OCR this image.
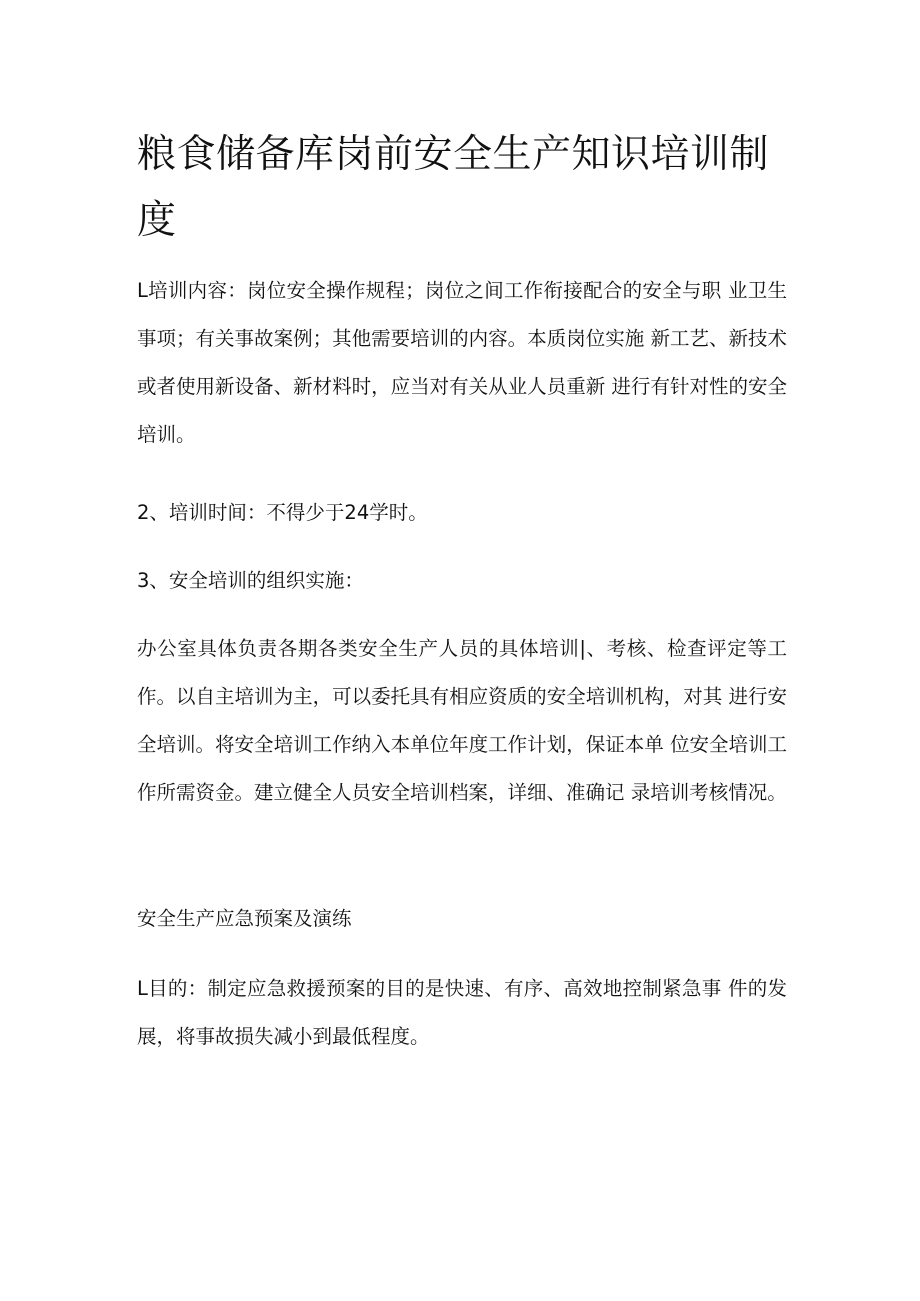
粮食储备库岗前安全生产知识培训制度

L培训内容：岗位安全操作规程；岗位之间工作衔接配合的安全与职 业卫生事项；有关事故案例；其他需要培训的内容。本质岗位实施 新工艺、新技术或者使用新设备、新材料时，应当对有关从业人员重新 进行有针对性的安全培训。

2、培训时间：不得少于24学时。

3、安全培训的组织实施：

办公室具体负责各期各类安全生产人员的具体培训|、考核、检查评定等工作。以自主培训为主，可以委托具有相应资质的安全培训机构，对其 进行安全培训。将安全培训工作纳入本单位年度工作计划，保证本单 位安全培训工作所需资金。建立健全人员安全培训档案，详细、准确记 录培训考核情况。

安全生产应急预案及演练

L目的：制定应急救援预案的目的是快速、有序、高效地控制紧急事 件的发展，将事故损失减小到最低程度。
